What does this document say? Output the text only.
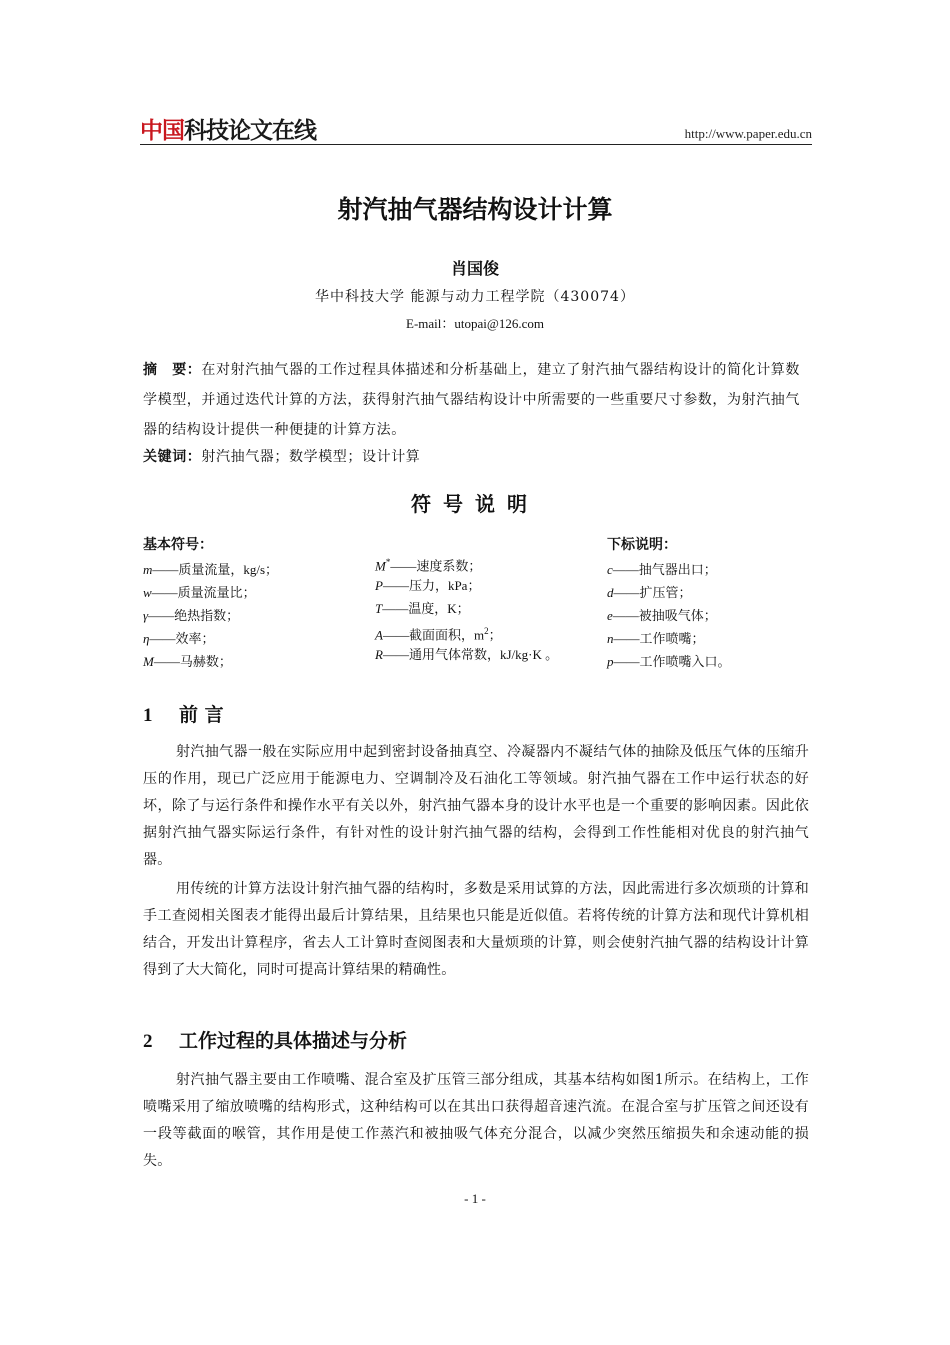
中国科技论文在线	http://www.paper.edu.cn
射汽抽气器结构设计计算
肖国俊
华中科技大学 能源与动力工程学院（430074）
E-mail：utopai@126.com
摘　要：在对射汽抽气器的工作过程具体描述和分析基础上，建立了射汽抽气器结构设计的简化计算数学模型，并通过迭代计算的方法，获得射汽抽气器结构设计中所需要的一些重要尺寸参数，为射汽抽气器的结构设计提供一种便捷的计算方法。
关键词：射汽抽气器；数学模型；设计计算
符号说明
基本符号：
m——质量流量，kg/s；
w——质量流量比；
γ——绝热指数；
η——效率；
M——马赫数；
M*——速度系数；
P——压力，kPa；
T——温度，K；
A——截面面积，$m^2$；
R——通用气体常数，kJ/kg·K 。
下标说明：
c——抽气器出口；
d——扩压管；
e——被抽吸气体；
n——工作喷嘴；
p——工作喷嘴入口。
1 前 言
射汽抽气器一般在实际应用中起到密封设备抽真空、冷凝器内不凝结气体的抽除及低压气体的压缩升压的作用，现已广泛应用于能源电力、空调制冷及石油化工等领域。射汽抽气器在工作中运行状态的好坏，除了与运行条件和操作水平有关以外，射汽抽气器本身的设计水平也是一个重要的影响因素。因此依据射汽抽气器实际运行条件，有针对性的设计射汽抽气器的结构，会得到工作性能相对优良的射汽抽气器。
用传统的计算方法设计射汽抽气器的结构时，多数是采用试算的方法，因此需进行多次烦琐的计算和手工查阅相关图表才能得出最后计算结果，且结果也只能是近似值。若将传统的计算方法和现代计算机相结合，开发出计算程序，省去人工计算时查阅图表和大量烦琐的计算，则会使射汽抽气器的结构设计计算得到了大大简化，同时可提高计算结果的精确性。
2 工作过程的具体描述与分析
射汽抽气器主要由工作喷嘴、混合室及扩压管三部分组成，其基本结构如图1所示。在结构上，工作喷嘴采用了缩放喷嘴的结构形式，这种结构可以在其出口获得超音速汽流。在混合室与扩压管之间还设有一段等截面的喉管，其作用是使工作蒸汽和被抽吸气体充分混合，以减少突然压缩损失和余速动能的损失。
- 1 -
